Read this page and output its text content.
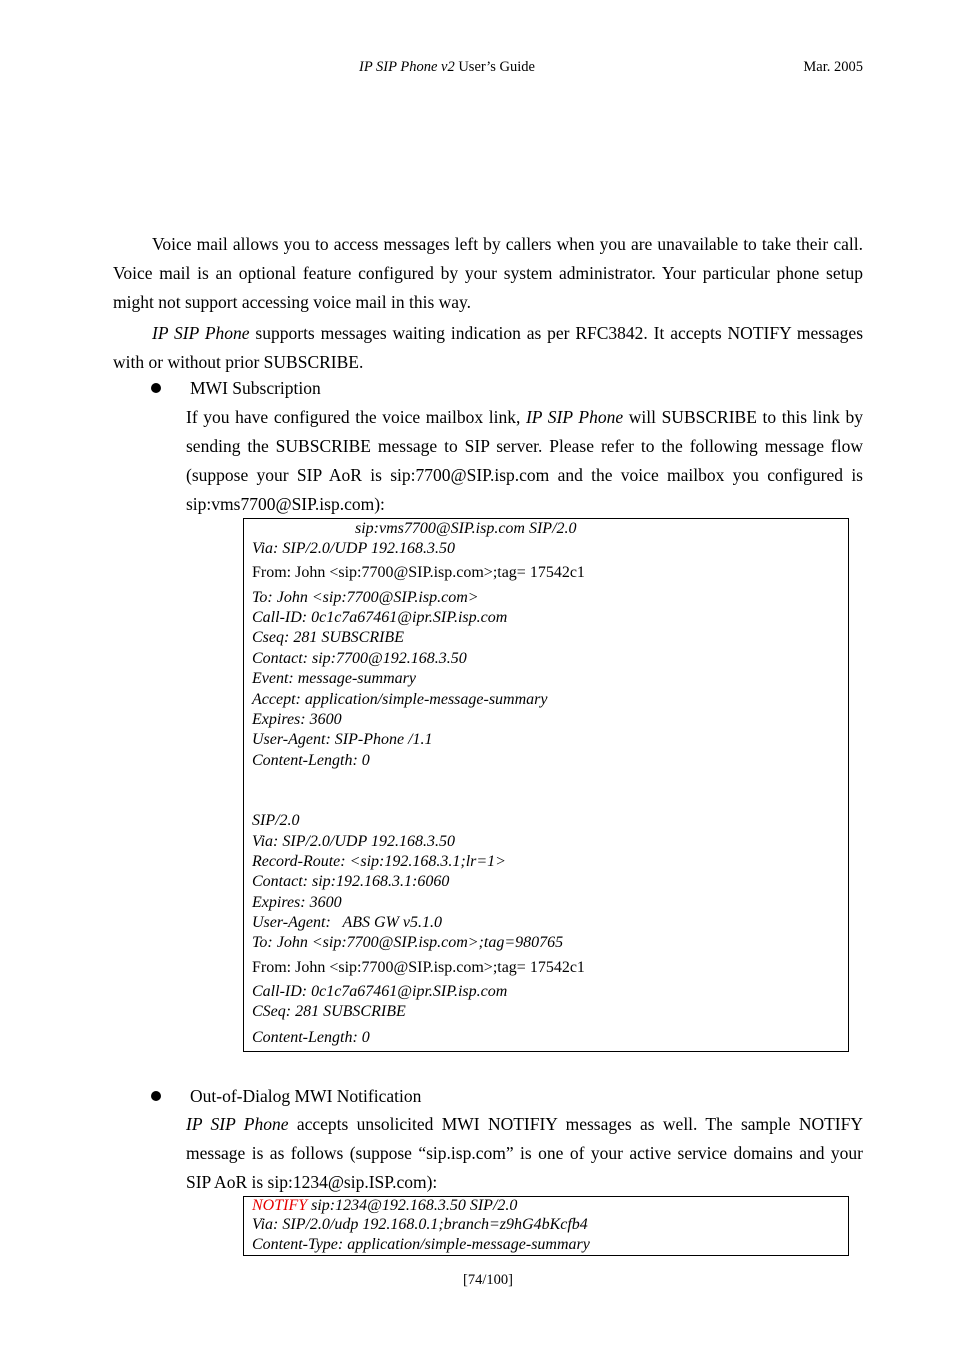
IP SIP Phone v2 User’s Guide	Mar. 2005

Voice mail allows you to access messages left by callers when you are unavailable to take their call. Voice mail is an optional feature configured by your system administrator. Your particular phone setup might not support accessing voice mail in this way.

IP SIP Phone supports messages waiting indication as per RFC3842. It accepts NOTIFY messages with or without prior SUBSCRIBE.

MWI Subscription

If you have configured the voice mailbox link, IP SIP Phone will SUBSCRIBE to this link by sending the SUBSCRIBE message to SIP server. Please refer to the following message flow (suppose your SIP AoR is sip:7700@SIP.isp.com and the voice mailbox you configured is sip:vms7700@SIP.isp.com):

sip:vms7700@SIP.isp.com SIP/2.0
Via: SIP/2.0/UDP 192.168.3.50
From: John <sip:7700@SIP.isp.com>;tag= 17542c1
To: John <sip:7700@SIP.isp.com>
Call-ID: 0c1c7a67461@ipr.SIP.isp.com
Cseq: 281 SUBSCRIBE
Contact: sip:7700@192.168.3.50
Event: message-summary
Accept: application/simple-message-summary
Expires: 3600
User-Agent: SIP-Phone /1.1
Content-Length: 0
SIP/2.0
Via: SIP/2.0/UDP 192.168.3.50
Record-Route: <sip:192.168.3.1;lr=1>
Contact: sip:192.168.3.1:6060
Expires: 3600
User-Agent:   ABS GW v5.1.0
To: John <sip:7700@SIP.isp.com>;tag=980765
From: John <sip:7700@SIP.isp.com>;tag= 17542c1
Call-ID: 0c1c7a67461@ipr.SIP.isp.com
CSeq: 281 SUBSCRIBE
Content-Length: 0
Out-of-Dialog MWI Notification

IP SIP Phone accepts unsolicited MWI NOTIFIY messages as well. The sample NOTIFY message is as follows (suppose “sip.isp.com” is one of your active service domains and your SIP AoR is sip:1234@sip.ISP.com):

NOTIFY sip:1234@192.168.3.50 SIP/2.0
Via: SIP/2.0/udp 192.168.0.1;branch=z9hG4bKcfb4
Content-Type: application/simple-message-summary
[74/100]
